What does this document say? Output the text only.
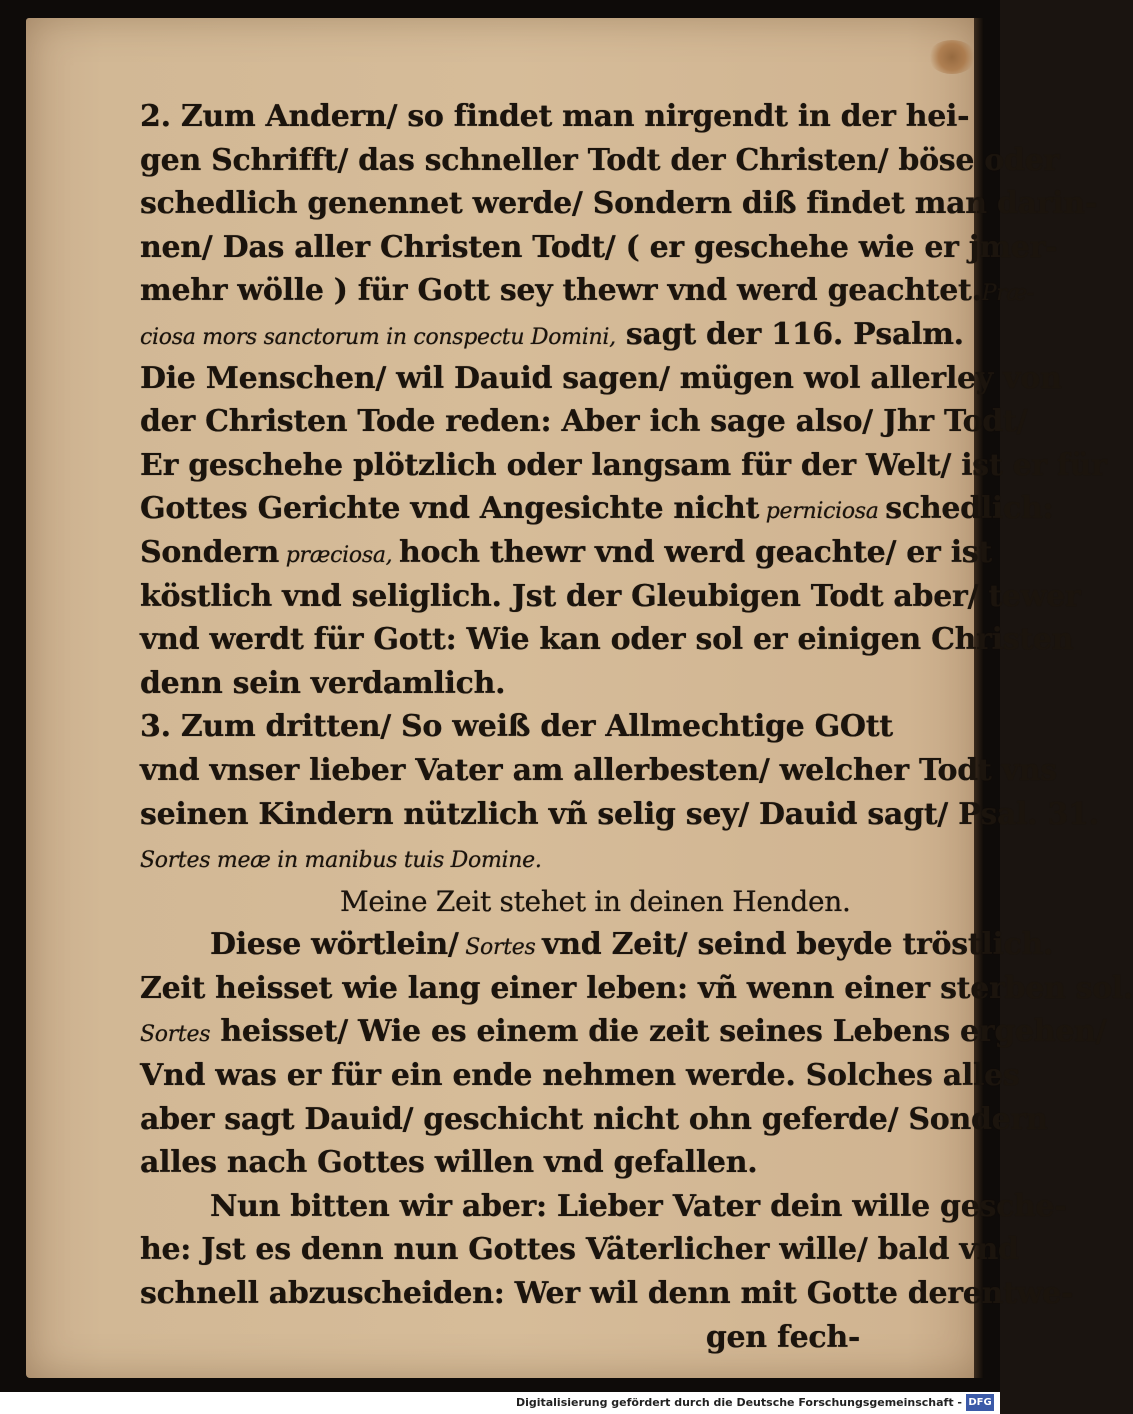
2. Zum Andern/ so findet man nirgendt in der hei-
gen Schrifft/ das schneller Todt der Christen/ böse oder
schedlich genennet werde/ Sondern diß findet man darin-
nen/ Das aller Christen Todt/ ( er geschehe wie er jmer-
mehr wölle ) für Gott sey thewr vnd werd geachtet.Præ-
ciosa mors sanctorum in conspectu Domini, sagt der 116. Psalm.
Die Menschen/ wil Dauid sagen/ mügen wol allerley von
der Christen Tode reden: Aber ich sage also/ Jhr Todt/
Er geschehe plötzlich oder langsam für der Welt/ ist er für
Gottes Gerichte vnd Angesichte nicht perniciosa schedlich:
Sondern præciosa, hoch thewr vnd werd geachte/ er ist
köstlich vnd seliglich. Jst der Gleubigen Todt aber/ tewer
vnd werdt für Gott: Wie kan oder sol er einigen Christen
denn sein verdamlich.
3. Zum dritten/ So weiß der Allmechtige GOtt
vnd vnser lieber Vater am allerbesten/ welcher Todt vns
seinen Kindern nützlich vñ selig sey/ Dauid sagt/ Psal. 31.
Sortes meæ in manibus tuis Domine.
Meine Zeit stehet in deinen Henden.
Diese wörtlein/ Sortes vnd Zeit/ seind beyde tröstlich.
Zeit heisset wie lang einer leben: vñ wenn einer sterben sol.
Sortes heisset/ Wie es einem die zeit seines Lebens ergehen/
Vnd was er für ein ende nehmen werde. Solches alles
aber sagt Dauid/ geschicht nicht ohn geferde/ Sondern
alles nach Gottes willen vnd gefallen.
Nun bitten wir aber: Lieber Vater dein wille gesche-
he: Jst es denn nun Gottes Väterlicher wille/ bald vnd
schnell abzuscheiden: Wer wil denn mit Gotte derentwe-
gen fech-
Digitalisierung gefördert durch die Deutsche Forschungsgemeinschaft - DFG
